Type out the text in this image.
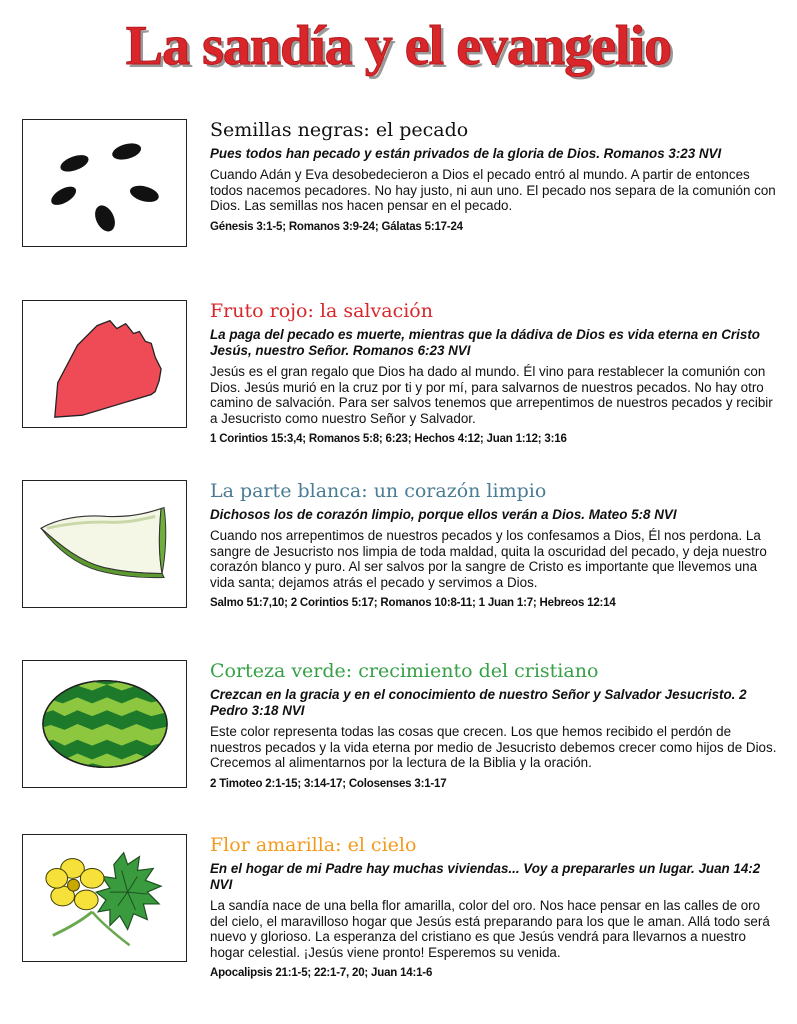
La sandía y el evangelio

Semillas negras: el pecado

Pues todos han pecado y están privados de la gloria de Dios. Romanos 3:23 NVI

Cuando Adán y Eva desobedecieron a Dios el pecado entró al mundo. A partir de entonces todos nacemos pecadores. No hay justo, ni aun uno. El pecado nos separa de la comunión con Dios. Las semillas nos hacen pensar en el pecado.

Génesis 3:1-5; Romanos 3:9-24; Gálatas 5:17-24

Fruto rojo: la salvación

La paga del pecado es muerte, mientras que la dádiva de Dios es vida eterna en Cristo Jesús, nuestro Señor. Romanos 6:23 NVI

Jesús es el gran regalo que Dios ha dado al mundo. Él vino para restablecer la comunión con Dios. Jesús murió en la cruz por ti y por mí, para salvarnos de nuestros pecados. No hay otro camino de salvación. Para ser salvos tenemos que arrepentimos de nuestros pecados y recibir a Jesucristo como nuestro Señor y Salvador.

1 Corintios 15:3,4; Romanos 5:8; 6:23; Hechos 4:12; Juan 1:12; 3:16

La parte blanca: un corazón limpio

Dichosos los de corazón limpio, porque ellos verán a Dios. Mateo 5:8 NVI

Cuando nos arrepentimos de nuestros pecados y los confesamos a Dios, Él nos perdona. La sangre de Jesucristo nos limpia de toda maldad, quita la oscuridad del pecado, y deja nuestro corazón blanco y puro. Al ser salvos por la sangre de Cristo es importante que llevemos una vida santa; dejamos atrás el pecado y servimos a Dios.

Salmo 51:7,10; 2 Corintios 5:17; Romanos 10:8-11; 1 Juan 1:7; Hebreos 12:14

Corteza verde: crecimiento del cristiano

Crezcan en la gracia y en el conocimiento de nuestro Señor y Salvador Jesucristo. 2 Pedro 3:18 NVI

Este color representa todas las cosas que crecen. Los que hemos recibido el perdón de nuestros pecados y la vida eterna por medio de Jesucristo debemos crecer como hijos de Dios. Crecemos al alimentarnos por la lectura de la Biblia y la oración.

2 Timoteo 2:1-15; 3:14-17; Colosenses 3:1-17

Flor amarilla: el cielo

En el hogar de mi Padre hay muchas viviendas... Voy a prepararles un lugar. Juan 14:2 NVI

La sandía nace de una bella flor amarilla, color del oro. Nos hace pensar en las calles de oro del cielo, el maravilloso hogar que Jesús está preparando para los que le aman. Allá todo será nuevo y glorioso. La esperanza del cristiano es que Jesús vendrá para llevarnos a nuestro hogar celestial. ¡Jesús viene pronto! Esperemos su venida.

Apocalipsis 21:1-5; 22:1-7, 20; Juan 14:1-6
